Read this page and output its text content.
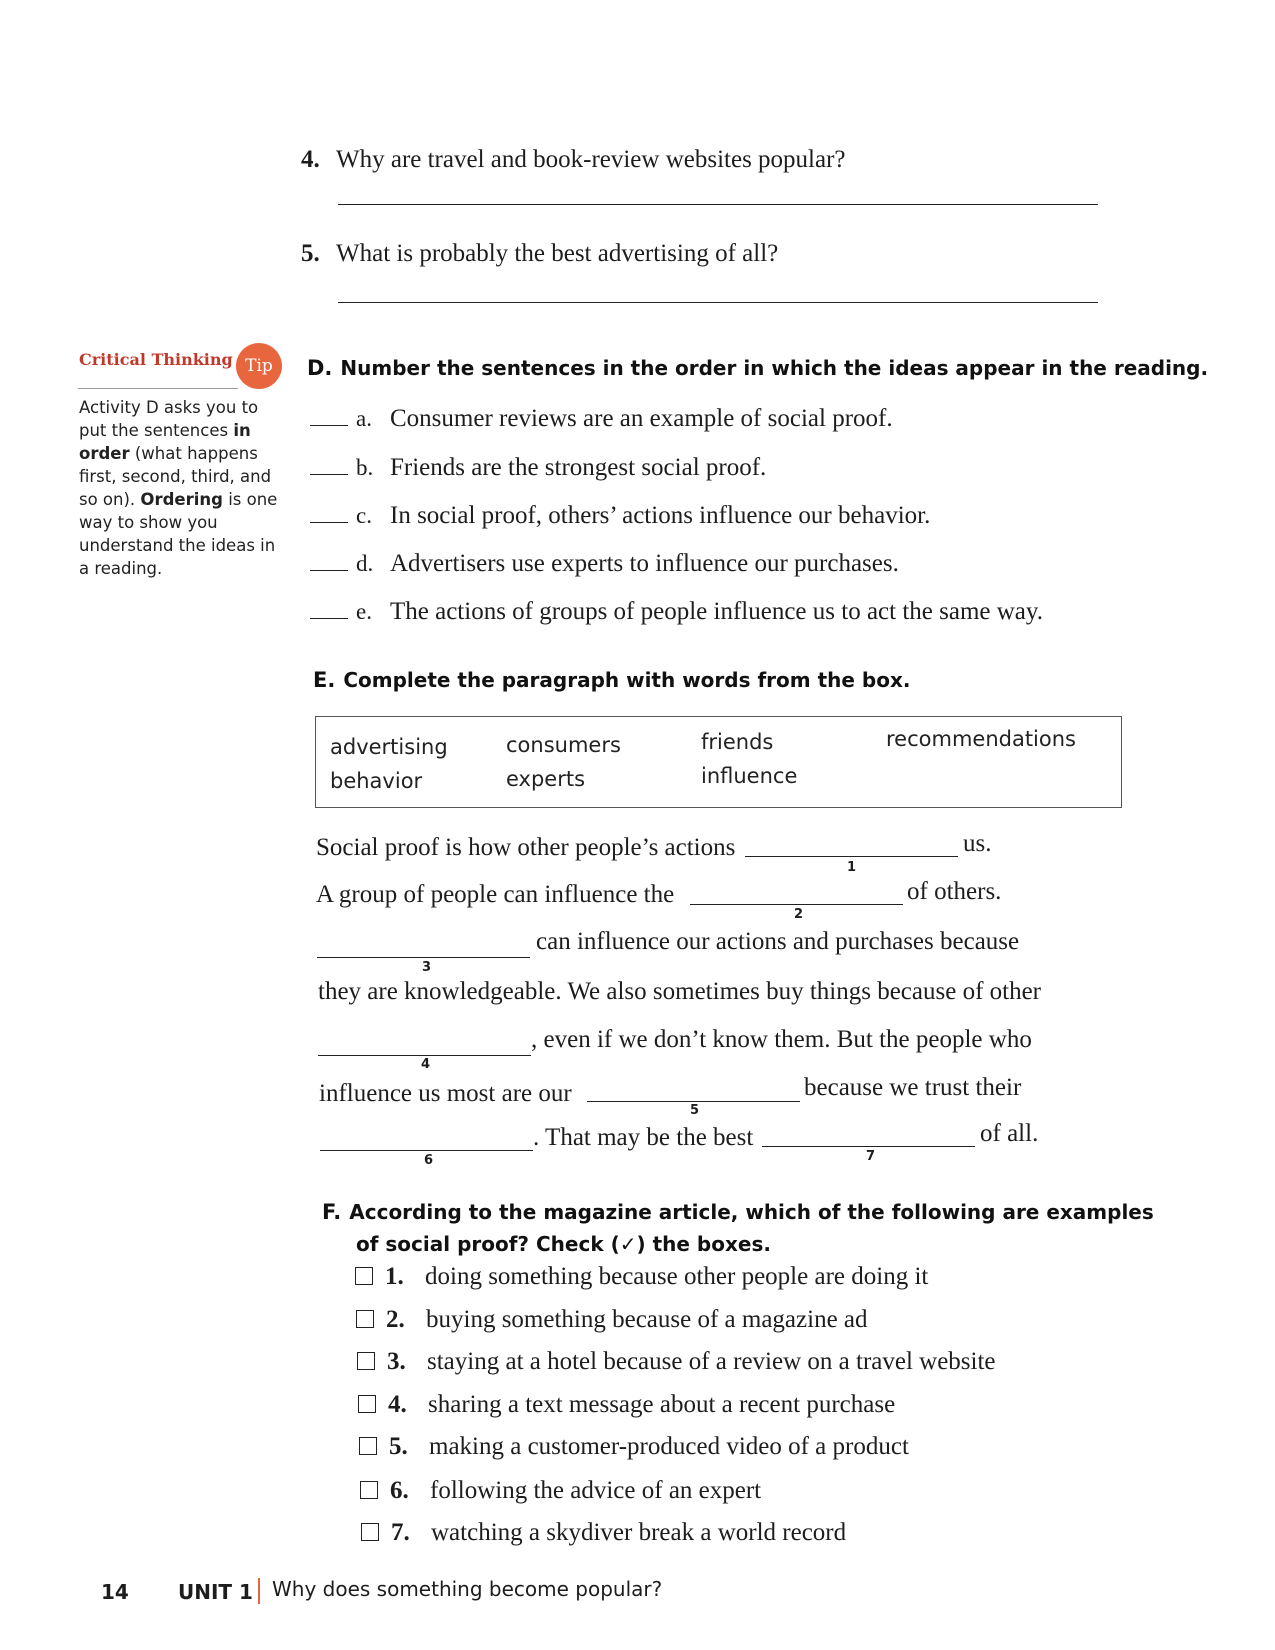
4. Why are travel and book-review websites popular?
5. What is probably the best advertising of all?
Critical Thinking Tip
Activity D asks you to put the sentences in order (what happens first, second, third, and so on). Ordering is one way to show you understand the ideas in a reading.
D. Number the sentences in the order in which the ideas appear in the reading.
a. Consumer reviews are an example of social proof.
b. Friends are the strongest social proof.
c. In social proof, others’ actions influence our behavior.
d. Advertisers use experts to influence our purchases.
e. The actions of groups of people influence us to act the same way.
E. Complete the paragraph with words from the box.
advertising	consumers	friends	recommendations
behavior	experts	influence
Social proof is how other people’s actions
1
us.
A group of people can influence the
2
of others.
3
can influence our actions and purchases because
they are knowledgeable. We also sometimes buy things because of other
4
, even if we don’t know them. But the people who
influence us most are our
5
because we trust their
6
. That may be the best
7
of all.
F. According to the magazine article, which of the following are examples
of social proof? Check (✓) the boxes.
1. doing something because other people are doing it
2. buying something because of a magazine ad
3. staying at a hotel because of a review on a travel website
4. sharing a text message about a recent purchase
5. making a customer-produced video of a product
6. following the advice of an expert
7. watching a skydiver break a world record
14 UNIT 1 Why does something become popular?
